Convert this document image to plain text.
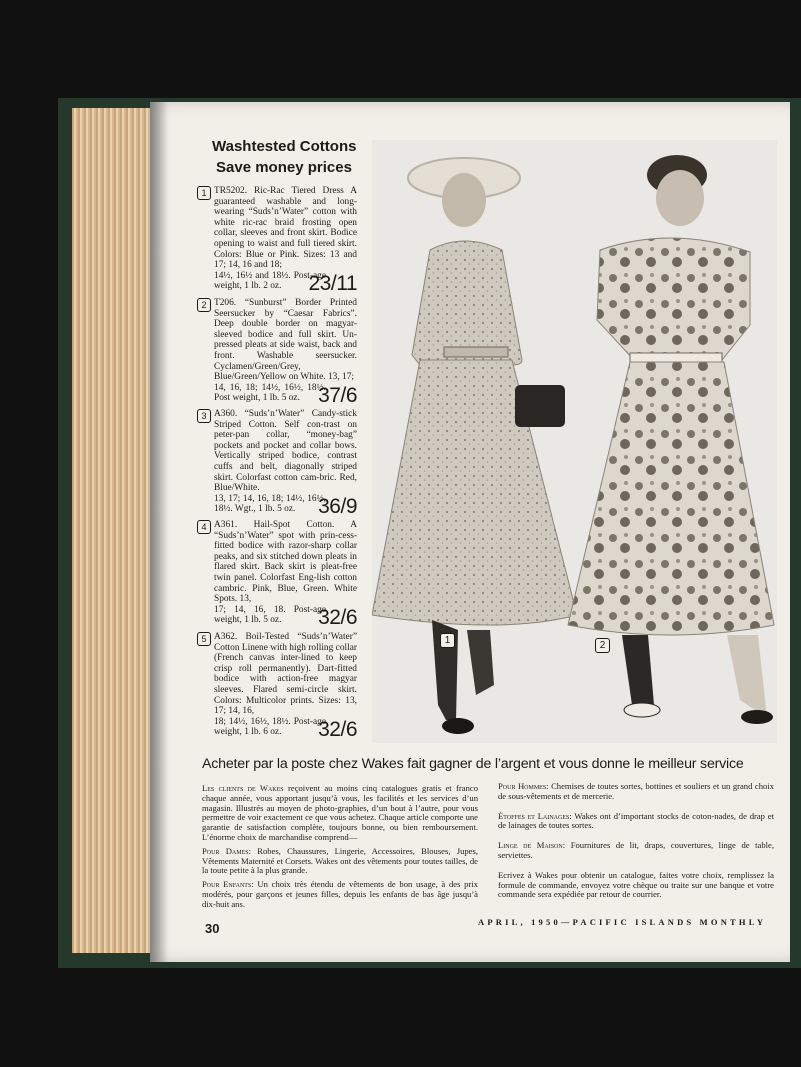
Washtested Cottons
Save money prices
1 TR5202. Ric-Rac Tiered Dress A guaranteed washable and long-wearing “Suds’n’Water” cotton with white ric-rac braid frosting open collar, sleeves and front skirt. Bodice opening to waist and full tiered skirt. Colors: Blue or Pink. Sizes: 13 and 17; 14, 16 and 18;
14½, 16½ and 18½. Post-age weight, 1 lb. 2 oz.	23/11
2 T206. “Sunburst” Border Printed Seersucker by “Caesar Fabrics”. Deep double border on magyar-sleeved bodice and full skirt. Un-pressed pleats at side waist, back and front. Washable seersucker. Cyclamen/Green/Grey, Blue/Green/Yellow on White. 13, 17;
14, 16, 18; 14½, 16½, 18½. Post weight, 1 lb. 5 oz. 37/6
3 A360. “Suds’n’Water” Candy-stick Striped Cotton. Self con-trast on peter-pan collar, “money-bag” pockets and pocket and collar bows. Vertically striped bodice, contrast cuffs and belt, diagonally striped skirt. Colorfast cotton cam-bric. Red, Blue/White.
13, 17; 14, 16, 18; 14½, 16½, 18½. Wgt., 1 lb. 5 oz.	36/9
4 A361. Hail-Spot Cotton. A “Suds’n’Water” spot with prin-cess-fitted bodice with razor-sharp collar peaks, and six stitched down pleats in flared skirt. Back skirt is pleat-free twin panel. Colorfast Eng-lish cotton cambric. Pink, Blue, Green. White Spots. 13,
17; 14, 16, 18. Post-age weight, 1 lb. 5 oz.	32/6
5 A362. Boil-Tested “Suds’n’Water” Cotton Linene with high rolling collar (French canvas inter-lined to keep crisp roll permanently). Dart-fitted bodice with action-free magyar sleeves. Flared semi-circle skirt. Colors: Multicolor prints. Sizes: 13, 17; 14, 16,
18; 14½, 16½, 18½. Post-age weight, 1 lb. 6 oz.	32/6
1	2
Acheter par la poste chez Wakes fait gagner de l’argent et vous donne le meilleur service

Les clients de Wakes reçoivent au moins cinq catalogues gratis et franco chaque année, vous apportant jusqu’à vous, les facilités et les services d’un magasin. Illustrés au moyen de photo-graphies, d’un bout à l’autre, pour vous permettre de voir exactement ce que vous achetez. Chaque article comporte une garantie de satisfaction complète, toujours bonne, ou bien remboursement. L’énorme choix de marchandise comprend—

Pour Dames: Robes, Chaussures, Lingerie, Accessoires, Blouses, Jupes, Vêtements Maternité et Corsets. Wakes ont des vêtements pour toutes tailles, de la toute petite à la plus grande.

Pour Enfants: Un choix très étendu de vêtements de bon usage, à des prix modérés, pour garçons et jeunes filles, depuis les enfants de bas âge jusqu’à dix-huit ans.

Pour Hommes: Chemises de toutes sortes, bottines et souliers et un grand choix de sous-vêtements et de mercerie.

Étoffes et Lainages: Wakes ont d’important stocks de coton-nades, de drap et de lainages de toutes sortes.

Linge de Maison: Fournitures de lit, draps, couvertures, linge de table, serviettes.

Ecrivez à Wakes pour obtenir un catalogue, faites votre choix, remplissez la formule de commande, envoyez votre chèque ou traite sur une banque et votre commande sera expédiée par retour de courrier.

30	APRIL, 1950—PACIFIC ISLANDS MONTHLY
